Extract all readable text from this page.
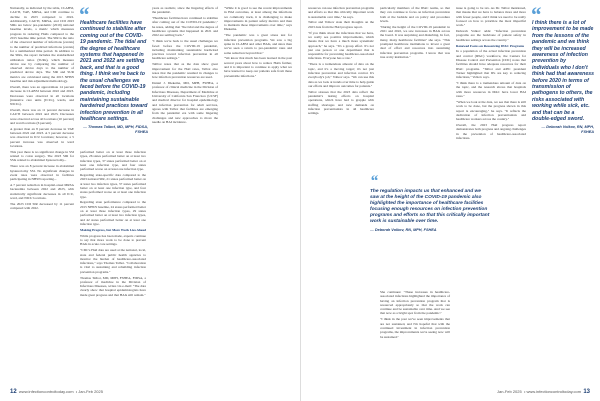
Nationally, as indicated by the table, CLABSI, CAUTI, VAE, MRSA, and CDI continue to decline in 2023 compared to 2022. Additionally, CAUTI, MRSA, and CDI 2023 SIRs are below pre-pandemic (2019) national baseline levels, a metric which measures progress in reducing HAIs compared to the 2015 baseline time period. The SIR is the ratio of the observed number of infections (events) to the number of predicted infections (events) for a summarized time period. In addition to the SIRs, the report includes the standardized utilization ratios (SURs), which measure device use by comparing the number of observed device days to the number of predicted device days. The SIR and SUR metrics are calculated using the 2015 NHSN baseline and risk adjustment methodology.

Overall, there was an approximate 14 percent decrease in CLABSI between 2022 and 2023. Decreases were observed in all locations (intensive care units [ICUs], wards, and NICUs).

Overall, there was an 11 percent decrease in CAUTI between 2022 and 2023. Decreases were observed across all locations (10 percent) and ward locations (6 percent).

A greater than an 8 percent decrease in VAE between 2022 and 2023. A 5 percent decrease was observed in ICU locations; however, a 5 percent increase was observed in ward locations.

This year there is no significant change in SSI related to colon surgery. The 2023 SIR for SSIs related to abdominal hysterectomy...

There was an 8 percent increase in abdominal hysterectomy SSI. No significant changes in event rates were observed in facilities participating in NHSN reporting...

A 7 percent reduction in hospital-onset MRSA bacteremia between 2022 and 2023, with statistically significant decreases in all ICU, ward, and NICU locations.

The 2023 CDI SIR decreased by 11 percent compared with 2022.

“
Healthcare facilities have continued to stabilize after coming out of the COVID-19 pandemic. The tidal and the degree of healthcare systems that happened in 2021 and 2022 are settling back, and that is a good thing. I think we're back to the usual challenges we faced before the COVID-19 pandemic, including maintaining sustainable hardwired practices toward infection prevention in all healthcare settings.
— Thomas Talbot, MD, MPH, FIDSA, FSHEA

performed better on at least three infection types, 26 states performed better on at least two infection types, 37 states performed better on at least one infection type, and four states performed worse on at least one infection type.

Regarding state-specific data compared to the 2023 national SIR, 21 states performed better on at least two infection types, 37 states performed better on at least one infection type, and four states performed worse on at least one infection type.

Regarding state performance compared to the 2015 NHSN baseline, 24 states performed better on at least three infection types, 29 states performed better on at least two infection types, and 42 states performed better on at least one infection type.

Making Progress, but More Work Lies Ahead

While progress has been made, experts continue to say that more work to be done to prevent HAIs in acute care settings.

"CDC's HAI data are used at the national, local, state and federal public health agencies to monitor the burden of healthcare-associated infections," says Thomas Talbot. "Collaboration is vital to sustaining and rebuilding infection prevention programs."

Thomas Talbot, MD, MPH, FSHEA, FIDSA, a professor of medicine in the Division of Infectious Diseases, writes via e-mail: "The data clearly show that hospital epidemiologists have made great progress and that HAIs still remain."

years as realistic, since the lingering effects of the pandemic.

"Healthcare facilities have continued to stabilize after coming out of the COVID-19 pandemic," he notes, adding that "the tidal and the degree of healthcare systems that happened in 2021 and 2022 are settling back."

"I think we're back to the usual challenges we faced before the COVID-19 pandemic, including maintaining sustainable hardwired practices toward infection prevention in all healthcare settings."

Tallbot notes that as the data show great improvement for the HAI rates, Talbot also notes that the pandemic resulted in changes to how infection prevention resources are used.

Daniel J. Diekema, MD, MPH, FSHEA, a professor of clinical medicine in the Division of Infectious Diseases, Department of Medicine at University of California San Francisco (UCSF) and medical director for hospital epidemiology and infection prevention for adult services, agrees with Talbot that facilities are emerging from the pandemic era with some lingering challenges and new approaches to move the needle on HAI incidence.

"While it is good to see the recent improvements in HAI outcomes, at least among the infections we commonly track, it is challenging to make improvements in patient safety metrics and then to maintain those improvements over time," says Diekema.

"The pandemic was a great stress test for infection prevention programs. We saw a big spike in CLABSI and other HAIs, and since then we've seen a return to pre-pandemic rates and some reduction beyond that."

"We know that much has been learned in the past several years about how to reduce HAIs further, and it is important to continue to apply what we have learned to keep our patients safe from these preventable infections."

12 www.infectioncontroltoday.com  • Jan-Feb 2025

resources can use infection prevention programs and efforts so that this critically important work is sustainable over time," he says.

Talbot and Volkov state their thoughts on the 2023 data from the HAI progress report.

"If you think about the infections that we have, we really see positive improvements, which means that we have a much more systematic approach," he says. "It's a group effort. It's not just one person or one department that is responsible for preventing healthcare-associated infections. Everyone has a role."

"There is a tremendous amount of data on the topic, and it's a moving target; it's not just infection prevention and infection control. It's everybody's job," Volkov says. "We can use this data as we look at trends over time to help guide our efforts and improve outcomes for patients."

Talbot stresses that the 2023 data reflect the pandemic's lasting effects on hospital operations, which have had to grapple with staffing shortages and new demands on infection preventionists in all healthcare settings.

particularly members of the IPAC teams, so that they can continue to focus on infection prevention both at the bedside and on policy and procedure levels.

"During the height of the COVID-19 pandemic in 2021 and 2022, we saw increases in HAIs across the board. It was surprising and disturbing. In fact, many, many healthcare facilities" she says. "This prompted healthcare institutions to invest a great deal of effort and resources into sustaining infection prevention programs. I know that was true at my institution."

She continues: "These increases in healthcare-associated infections highlighted the importance of having an infection prevention program that is resourced appropriately so that the work can continue and be sustainable over time. And we see that now as a bright spot from the pandemic."

"I think in the past we've seen improvements that are not sustained, and I'm hopeful that with the continued investment in infection prevention programs, the improvements we're seeing now will be sustained."

issue is going to be tax. As Dr. Talbot mentioned, that means that we have to balance more and more with fewer people, and I think we need to be really focused on how to prioritize the most impactful work."

Deborah Volkov adds: "Infection prevention programs are the backbone of patient safety in healthcare settings across the country."

Renewed Focus on Resourcing IPAC Programs

In a population of the actual infection prevention and control (IPAC) workforce, the Centers for Disease Control and Prevention (CDC) notes that facilities should have adequate resources for their IPAC programs. "Talbot and APIC president Turner highlighted that IPs are key to reducing infections," Volkov says.

"I think there is a tremendous amount of data on the topic, and the research shows that hospitals with more resources in IPAC have lower HAI rates."

"When we look at the data, we see that there is still work to be done, but the progress shown in this report is encouraging," he says. "It reflects the dedication of infection preventionists and healthcare workers across the country."

Overall, the 2023 HAI progress report demonstrates both progress and ongoing challenges in the prevention of healthcare-associated infections.

“
I think there is a lot of improvement to be made from the lessons of the pandemic and we think they will be increased awareness of infection prevention by individuals who I don't think had that awareness before 2020 in terms of transmission of pathogens to others, the risks associated with working while sick, etc. and that can be a double-edged sword.
— Deborah Volkov, RN, MPH, FSHEA
Jan-Feb 2025  • www.infectioncontroltoday.com 13
“
The regulation impacts us that enhanced and we saw at the height of the COVID-19 pandemic also highlighted the importance of healthcare facilities focusing enough resources on infection prevention programs and efforts so that this critically important work is sustainable over time.
— Deborah Volkov, RN, MPH, FSHEA
